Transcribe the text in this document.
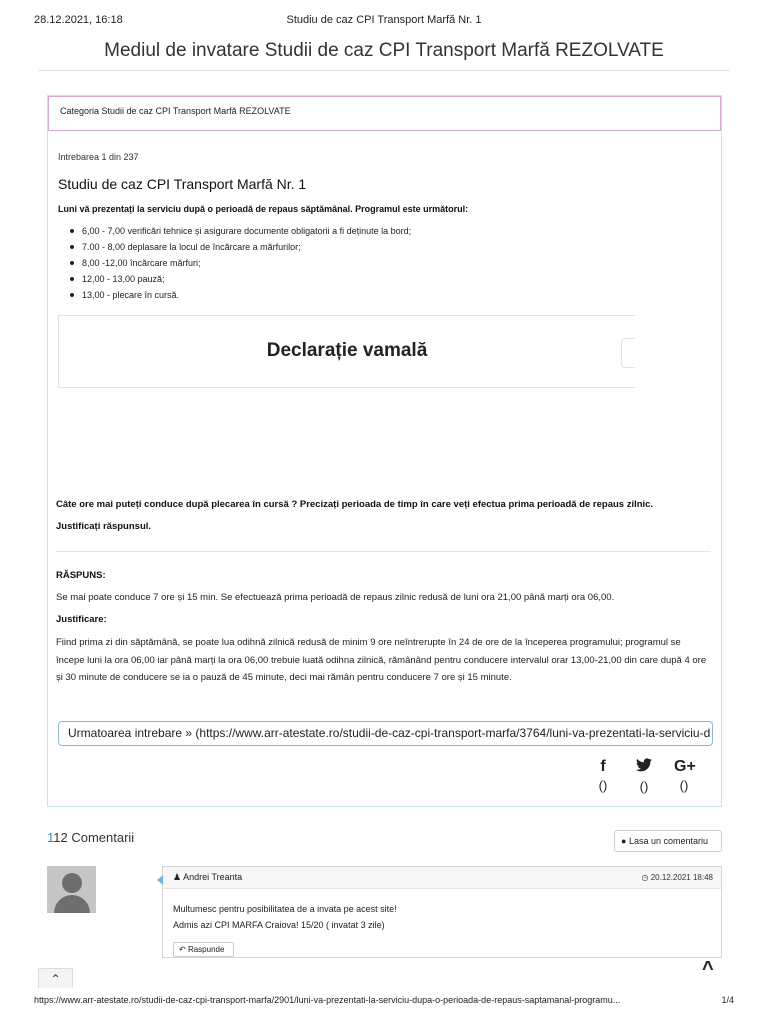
28.12.2021, 16:18	Studiu de caz CPI Transport Marfă Nr. 1
Mediul de invatare Studii de caz CPI Transport Marfă REZOLVATE
Categoria Studii de caz CPI Transport Marfă REZOLVATE
Intrebarea 1 din 237
Studiu de caz CPI Transport Marfă Nr. 1
Luni vă prezentați la serviciu după o perioadă de repaus săptămânal. Programul este următorul:
6,00 - 7,00 verificări tehnice și asigurare documente obligatorii a fi deținute la bord;
7.00 - 8,00 deplasare la locul de încărcare a mărfurilor;
8,00 -12,00 încărcare mărfuri;
12,00 - 13,00 pauză;
13,00 - plecare în cursă.
Declarație vamală
Câte ore mai puteți conduce după plecarea în cursă ? Precizați perioada de timp în care veți efectua prima perioadă de repaus zilnic.
Justificați răspunsul.
RĂSPUNS:
Se mai poate conduce 7 ore și 15 min. Se efectuează prima perioadă de repaus zilnic redusă de luni ora 21,00 până marți ora 06,00.
Justificare:
Fiind prima zi din săptămână, se poate lua odihnă zilnică redusă de minim 9 ore neîntrerupte în 24 de ore de la începerea programului; programul se începe luni la ora 06,00 iar până marți la ora 06,00 trebuie luată odihna zilnică, rămânând pentru conducere intervalul orar 13,00-21,00 din care după 4 ore și 30 minute de conducere se ia o pauză de 45 minute, deci mai rămân pentru conducere 7 ore și 15 minute.
Urmatoarea intrebare » (https://www.arr-atestate.ro/studii-de-caz-cpi-transport-marfa/3764/luni-va-prezentati-la-serviciu-d
f
()	()
G+
()
112 Comentarii	● Lasa un comentariu
♟ Andrei Treanta	◷ 20.12.2021 18:48
Multumesc pentru posibilitatea de a invata pe acest site!
Admis azi CPI MARFA Craiova! 15/20 ( invatat 3 zile)
↶ Raspunde
⌃	^
https://www.arr-atestate.ro/studii-de-caz-cpi-transport-marfa/2901/luni-va-prezentati-la-serviciu-dupa-o-perioada-de-repaus-saptamanal-programu...	1/4
